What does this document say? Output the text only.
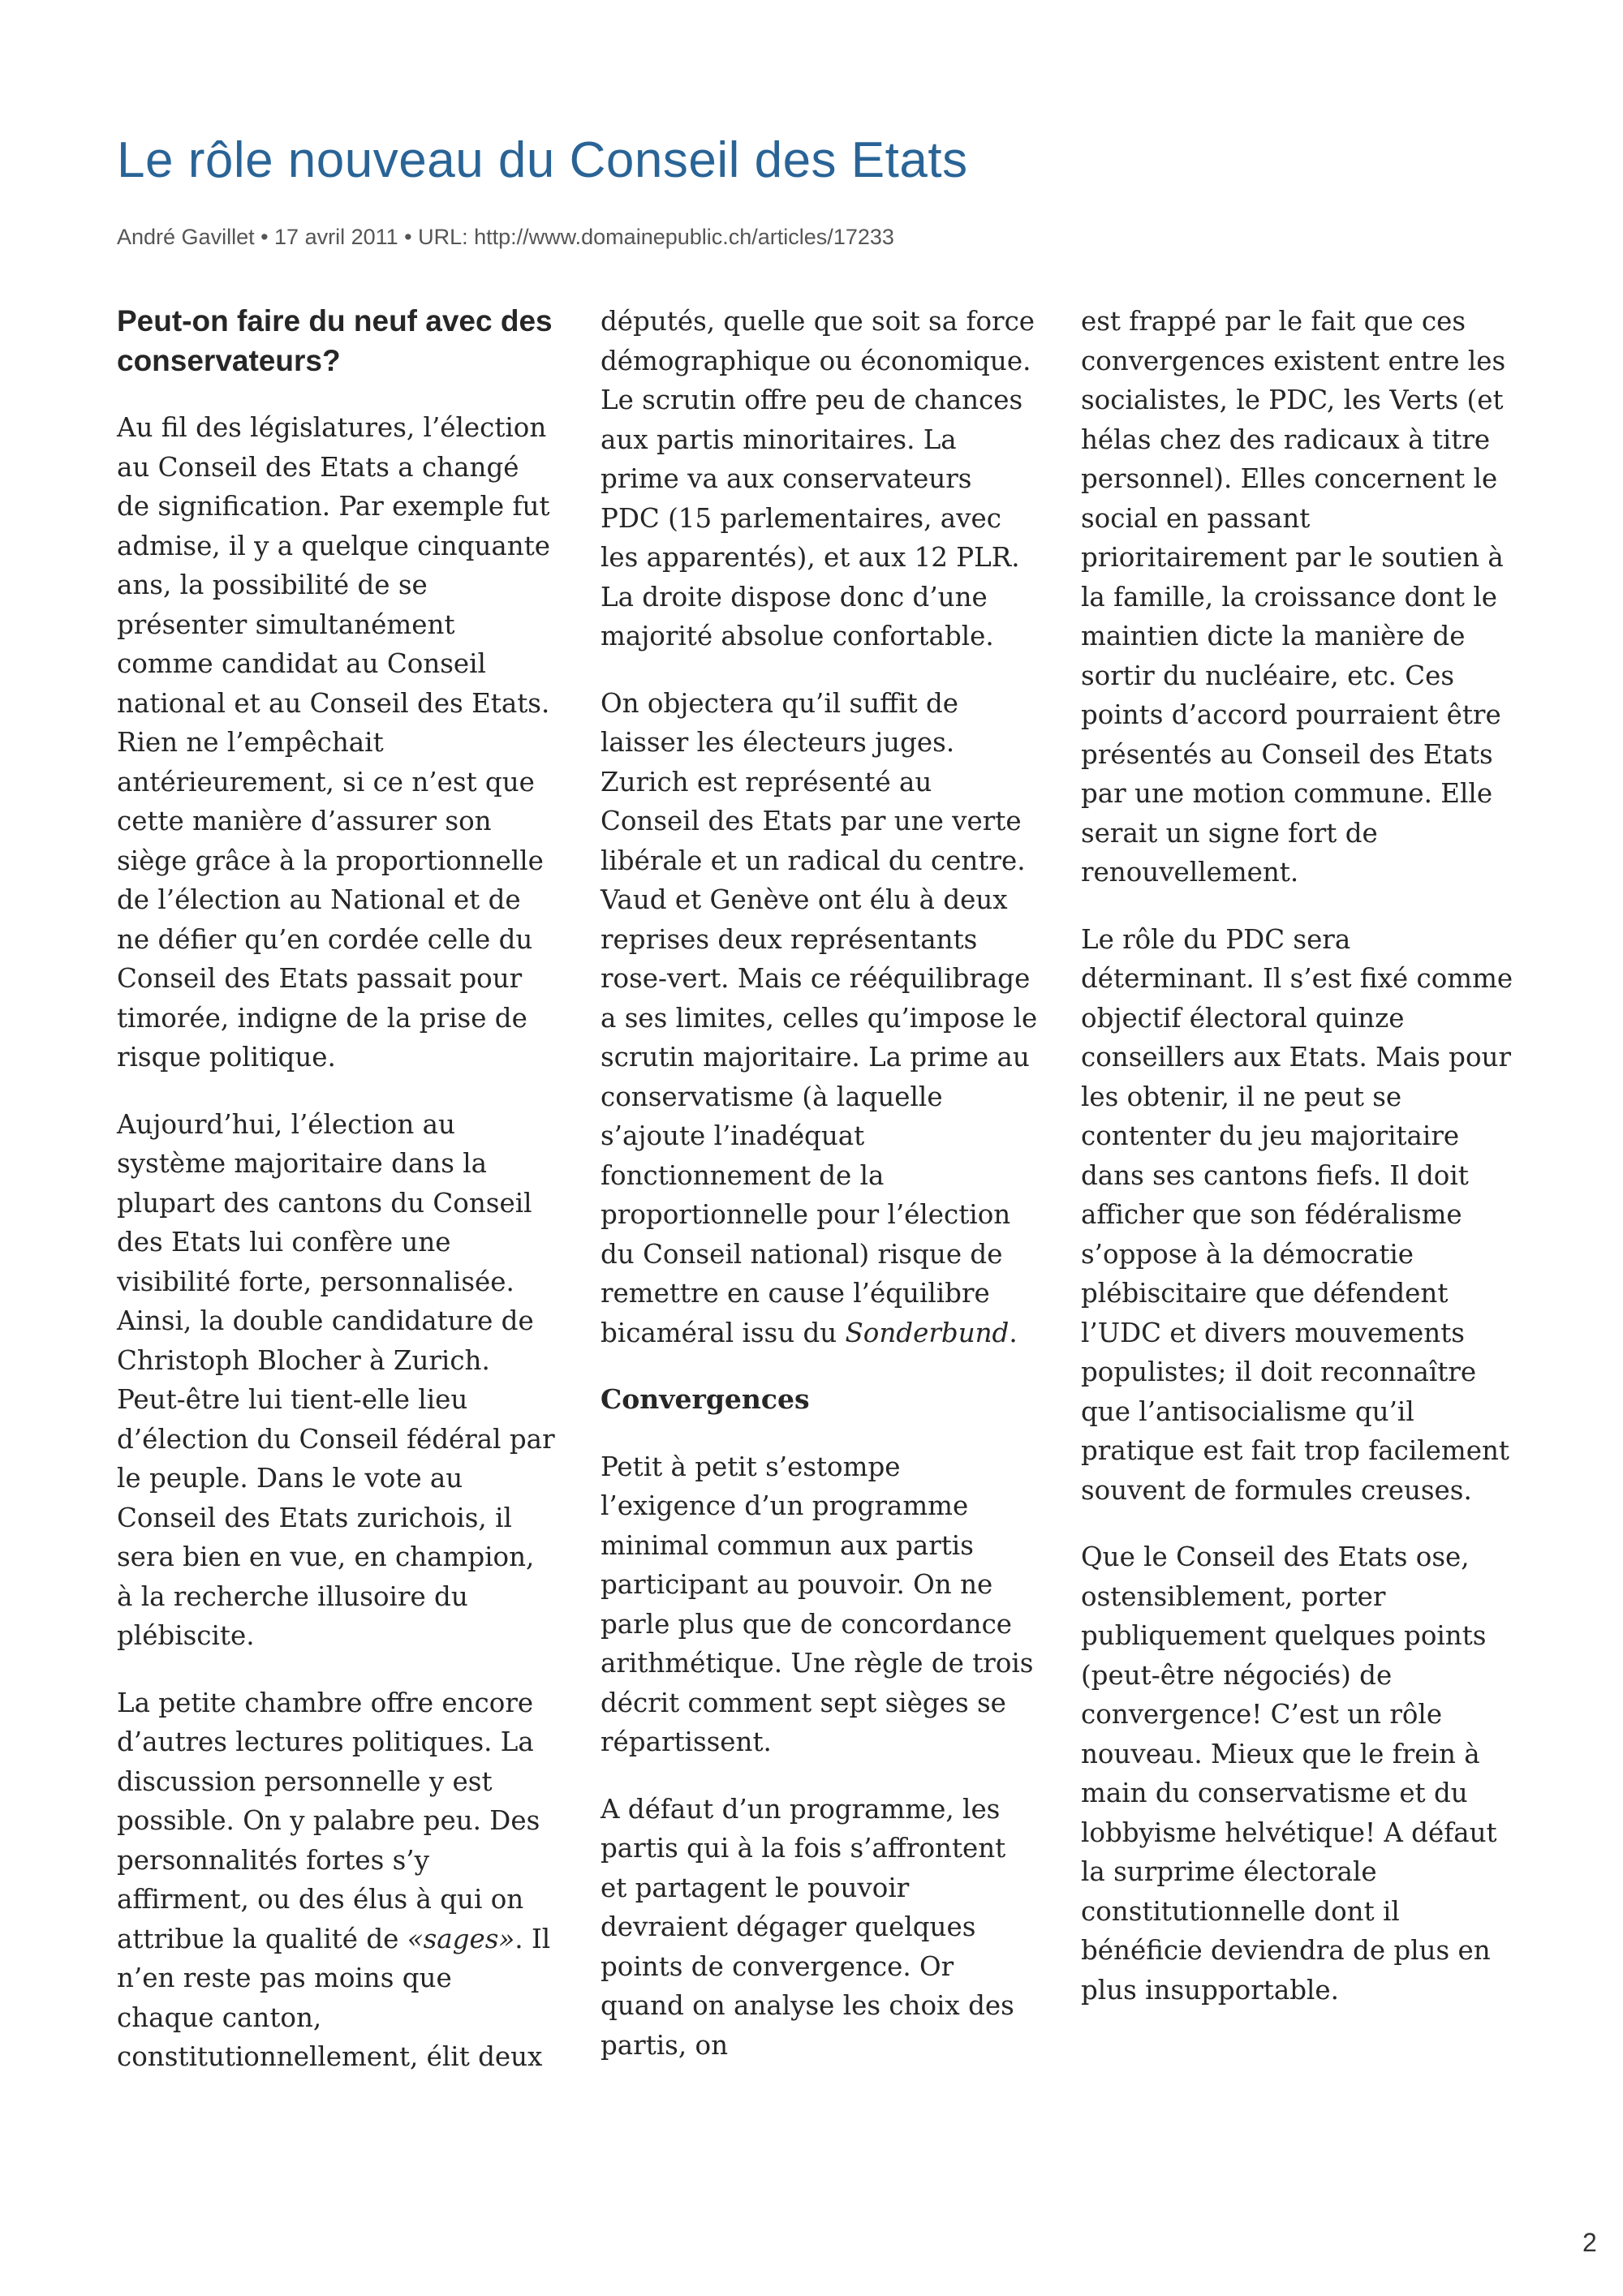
Le rôle nouveau du Conseil des Etats
André Gavillet • 17 avril 2011 • URL: http://www.domainepublic.ch/articles/17233
Peut-on faire du neuf avec des conservateurs?

Au fil des législatures, l’élection au Conseil des Etats a changé de signification. Par exemple fut admise, il y a quelque cinquante ans, la possibilité de se présenter simultanément comme candidat au Conseil national et au Conseil des Etats. Rien ne l’empêchait antérieurement, si ce n’est que cette manière d’assurer son siège grâce à la proportionnelle de l’élection au National et de ne défier qu’en cordée celle du Conseil des Etats passait pour timorée, indigne de la prise de risque politique.

Aujourd’hui, l’élection au système majoritaire dans la plupart des cantons du Conseil des Etats lui confère une visibilité forte, personnalisée. Ainsi, la double candidature de Christoph Blocher à Zurich. Peut-être lui tient-elle lieu d’élection du Conseil fédéral par le peuple. Dans le vote au Conseil des Etats zurichois, il sera bien en vue, en champion, à la recherche illusoire du plébiscite.

La petite chambre offre encore d’autres lectures politiques. La discussion personnelle y est possible. On y palabre peu. Des personnalités fortes s’y affirment, ou des élus à qui on attribue la qualité de «sages». Il n’en reste pas moins que chaque canton, constitutionnellement, élit deux

députés, quelle que soit sa force démographique ou économique. Le scrutin offre peu de chances aux partis minoritaires. La prime va aux conservateurs PDC (15 parlementaires, avec les apparentés), et aux 12 PLR. La droite dispose donc d’une majorité absolue confortable.

On objectera qu’il suffit de laisser les électeurs juges. Zurich est représenté au Conseil des Etats par une verte libérale et un radical du centre. Vaud et Genève ont élu à deux reprises deux représentants rose-vert. Mais ce rééquilibrage a ses limites, celles qu’impose le scrutin majoritaire. La prime au conservatisme (à laquelle s’ajoute l’inadéquat fonctionnement de la proportionnelle pour l’élection du Conseil national) risque de remettre en cause l’équilibre bicaméral issu du Sonderbund.

Convergences

Petit à petit s’estompe l’exigence d’un programme minimal commun aux partis participant au pouvoir. On ne parle plus que de concordance arithmétique. Une règle de trois décrit comment sept sièges se répartissent.

A défaut d’un programme, les partis qui à la fois s’affrontent et partagent le pouvoir devraient dégager quelques points de convergence. Or quand on analyse les choix des partis, on

est frappé par le fait que ces convergences existent entre les socialistes, le PDC, les Verts (et hélas chez des radicaux à titre personnel). Elles concernent le social en passant prioritairement par le soutien à la famille, la croissance dont le maintien dicte la manière de sortir du nucléaire, etc. Ces points d’accord pourraient être présentés au Conseil des Etats par une motion commune. Elle serait un signe fort de renouvellement.

Le rôle du PDC sera déterminant. Il s’est fixé comme objectif électoral quinze conseillers aux Etats. Mais pour les obtenir, il ne peut se contenter du jeu majoritaire dans ses cantons fiefs. Il doit afficher que son fédéralisme s’oppose à la démocratie plébiscitaire que défendent l’UDC et divers mouvements populistes; il doit reconnaître que l’antisocialisme qu’il pratique est fait trop facilement souvent de formules creuses.

Que le Conseil des Etats ose, ostensiblement, porter publiquement quelques points (peut-être négociés) de convergence! C’est un rôle nouveau. Mieux que le frein à main du conservatisme et du lobbyisme helvétique! A défaut la surprime électorale constitutionnelle dont il bénéficie deviendra de plus en plus insupportable.

2
